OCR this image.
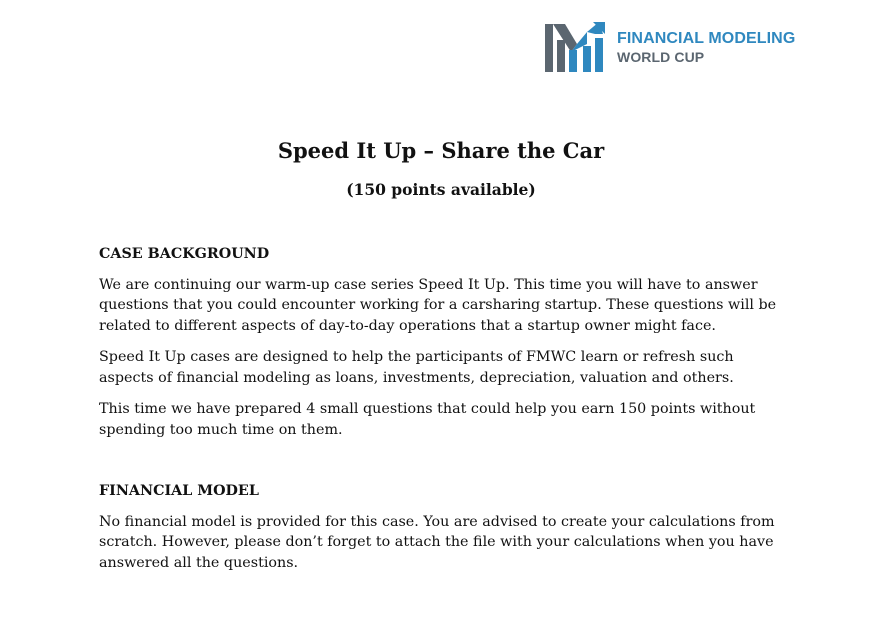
FINANCIAL MODELING
WORLD CUP
Speed It Up – Share the Car
(150 points available)

CASE BACKGROUND

We are continuing our warm-up case series Speed It Up. This time you will have to answer questions that you could encounter working for a carsharing startup. These questions will be related to different aspects of day-to-day operations that a startup owner might face.

Speed It Up cases are designed to help the participants of FMWC learn or refresh such aspects of financial modeling as loans, investments, depreciation, valuation and others.

This time we have prepared 4 small questions that could help you earn 150 points without spending too much time on them.

FINANCIAL MODEL

No financial model is provided for this case. You are advised to create your calculations from scratch. However, please don’t forget to attach the file with your calculations when you have answered all the questions.
